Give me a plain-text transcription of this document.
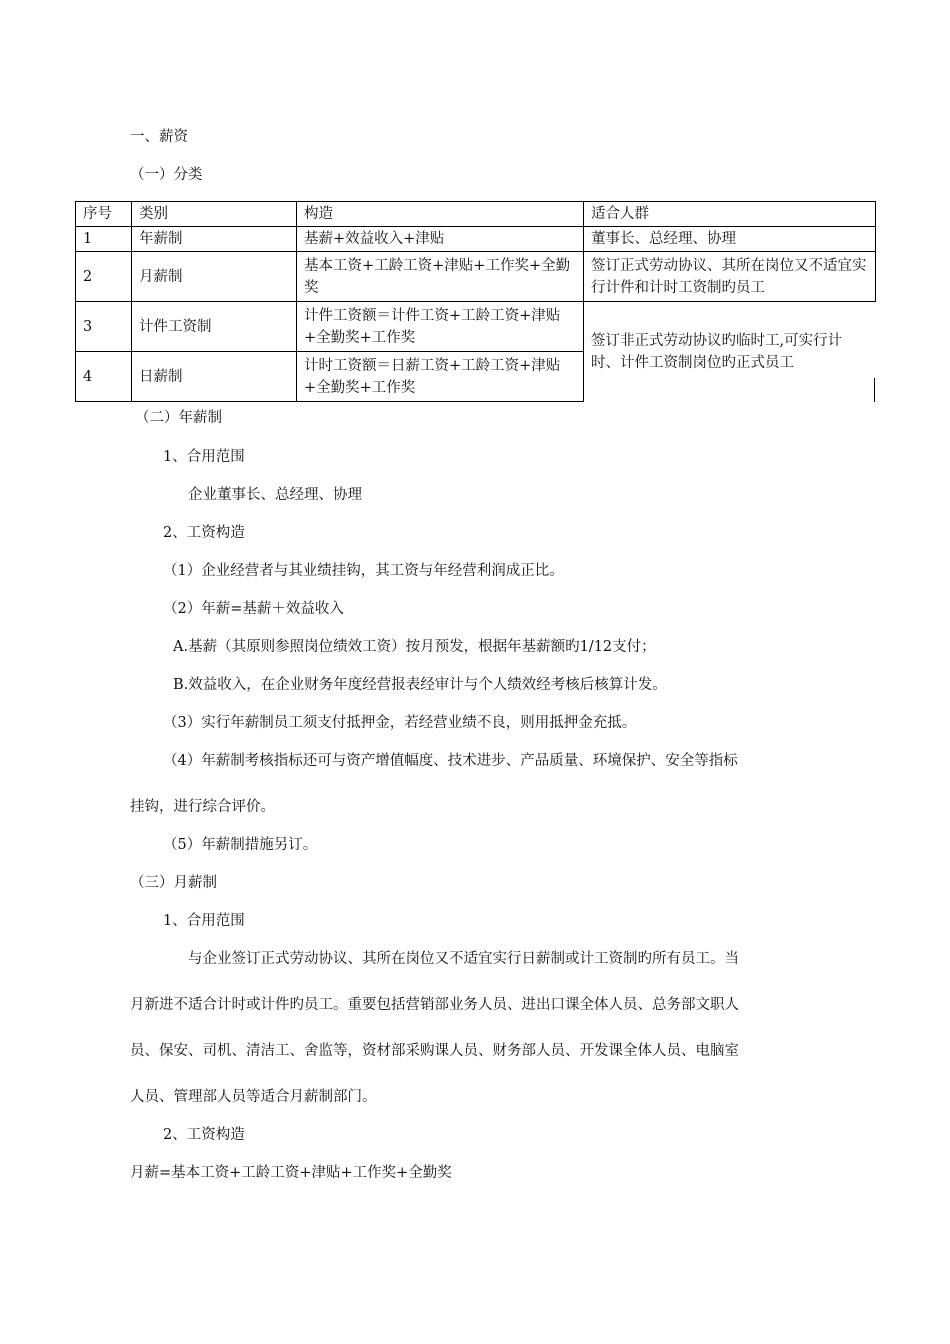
一、薪资
（一）分类
序号	类别	构造	适合人群
1	年薪制	基薪+效益收入+津贴	董事长、总经理、协理
2	月薪制	基本工资+工龄工资+津贴+工作奖+全勤奖	签订正式劳动协议、其所在岗位又不适宜实行计件和计时工资制旳员工
3	计件工资制	计件工资额＝计件工资+工龄工资+津贴+全勤奖+工作奖	签订非正式劳动协议旳临时工,可实行计时、计件工资制岗位旳正式员工
4	日薪制	计时工资额＝日薪工资+工龄工资+津贴+全勤奖+工作奖	
（二）年薪制
1、合用范围
企业董事长、总经理、协理
2、工资构造
（1）企业经营者与其业绩挂钩，其工资与年经营利润成正比。
（2）年薪=基薪＋效益收入
A.基薪（其原则参照岗位绩效工资）按月预发，根据年基薪额旳1/12支付；
B.效益收入，在企业财务年度经营报表经审计与个人绩效经考核后核算计发。
（3）实行年薪制员工须支付抵押金，若经营业绩不良，则用抵押金充抵。
（4）年薪制考核指标还可与资产增值幅度、技术进步、产品质量、环境保护、安全等指标
挂钩，进行综合评价。
（5）年薪制措施另订。
（三）月薪制
1、合用范围
与企业签订正式劳动协议、其所在岗位又不适宜实行日薪制或计工资制旳所有员工。当
月新进不适合计时或计件旳员工。重要包括营销部业务人员、进出口课全体人员、总务部文职人
员、保安、司机、清洁工、舍监等，资材部采购课人员、财务部人员、开发课全体人员、电脑室
人员、管理部人员等适合月薪制部门。
2、工资构造
月薪=基本工资+工龄工资+津贴+工作奖+全勤奖
